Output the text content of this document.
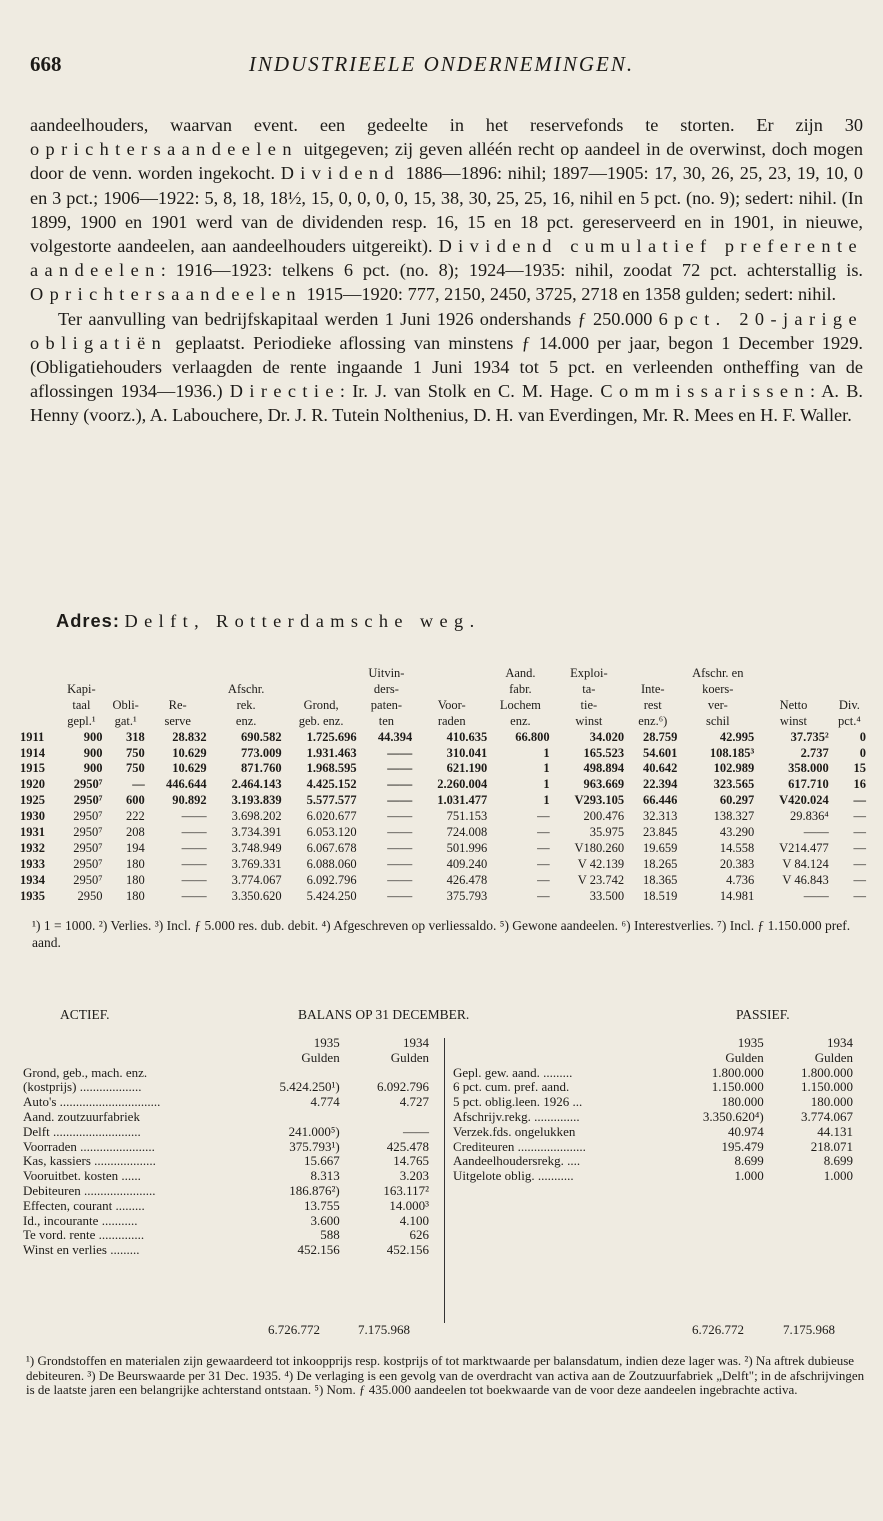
668	INDUSTRIEELE ONDERNEMINGEN.

aandeelhouders, waarvan event. een gedeelte in het reservefonds te storten. Er zijn 30 oprichtersaandeelen uitgegeven; zij geven alléén recht op aandeel in de overwinst, doch mogen door de venn. worden ingekocht. Dividend 1886—1896: nihil; 1897—1905: 17, 30, 26, 25, 23, 19, 10, 0 en 3 pct.; 1906—1922: 5, 8, 18, 18½, 15, 0, 0, 0, 0, 15, 38, 30, 25, 25, 16, nihil en 5 pct. (no. 9); sedert: nihil. (In 1899, 1900 en 1901 werd van de dividenden resp. 16, 15 en 18 pct. gereserveerd en in 1901, in nieuwe, volgestorte aandeelen, aan aandeelhouders uitgereikt). Dividend cumulatief preferente aandeelen: 1916—1923: telkens 6 pct. (no. 8); 1924—1935: nihil, zoodat 72 pct. achterstallig is. Oprichtersaandeelen 1915—1920: 777, 2150, 2450, 3725, 2718 en 1358 gulden; sedert: nihil.

Ter aanvulling van bedrijfskapitaal werden 1 Juni 1926 ondershands ƒ 250.000 6 pct. 20-jarige obligatiën geplaatst. Periodieke aflossing van minstens ƒ 14.000 per jaar, begon 1 December 1929. (Obligatiehouders verlaagden de rente ingaande 1 Juni 1934 tot 5 pct. en verleenden ontheffing van de aflossingen 1934—1936.) Directie: Ir. J. van Stolk en C. M. Hage. Commissarissen: A. B. Henny (voorz.), A. Labouchere, Dr. J. R. Tutein Nolthenius, D. H. van Everdingen, Mr. R. Mees en H. F. Waller.

Adres: Delft, Rotterdamsche weg.
						Uitvin-		Aand.	Exploi-		Afschr. en		
	Kapi-			Afschr.		ders-		fabr.	ta-	Inte-	koers-		
	taal	Obli-	Re-	rek.	Grond,	paten-	Voor-	Lochem	tie-	rest	ver-	Netto	Div.
	gepl.¹	gat.¹	serve	enz.	geb. enz.	ten	raden	enz.	winst	enz.⁶)	schil	winst	pct.⁴
1911	900	318	28.832	690.582	1.725.696	44.394	410.635	66.800	34.020	28.759	42.995	37.735²	0
1914	900	750	10.629	773.009	1.931.463	——	310.041	1	165.523	54.601	108.185³	2.737	0
1915	900	750	10.629	871.760	1.968.595	——	621.190	1	498.894	40.642	102.989	358.000	15
1920	2950⁷	—	446.644	2.464.143	4.425.152	——	2.260.004	1	963.669	22.394	323.565	617.710	16
1925	2950⁷	600	90.892	3.193.839	5.577.577	——	1.031.477	1	V293.105	66.446	60.297	V420.024	—
1930	2950⁷	222	——	3.698.202	6.020.677	——	751.153	—	200.476	32.313	138.327	29.836⁴	—
1931	2950⁷	208	——	3.734.391	6.053.120	——	724.008	—	35.975	23.845	43.290	——	—
1932	2950⁷	194	——	3.748.949	6.067.678	——	501.996	—	V180.260	19.659	14.558	V214.477	—
1933	2950⁷	180	——	3.769.331	6.088.060	——	409.240	—	V 42.139	18.265	20.383	V 84.124	—
1934	2950⁷	180	——	3.774.067	6.092.796	——	426.478	—	V 23.742	18.365	4.736	V 46.843	—
1935	2950	180	——	3.350.620	5.424.250	——	375.793	—	33.500	18.519	14.981	——	—
¹) 1 = 1000. ²) Verlies. ³) Incl. ƒ 5.000 res. dub. debit. ⁴) Afgeschreven op verliessaldo. ⁵) Gewone aandeelen. ⁶) Interestverlies. ⁷) Incl. ƒ 1.150.000 pref. aand.
ACTIEF.	BALANS OP 31 DECEMBER.	PASSIEF.
	1935	1934
	Gulden	Gulden
Grond, geb., mach. enz.		
(kostprijs) ...................	5.424.250¹)	6.092.796
Auto's ...............................	4.774	4.727
Aand. zoutzuurfabriek		
Delft ...........................	241.000⁵)	——
Voorraden .......................	375.793¹)	425.478
Kas, kassiers ...................	15.667	14.765
Vooruitbet. kosten ......	8.313	3.203
Debiteuren ......................	186.876²)	163.117²
Effecten, courant .........	13.755	14.000³
Id., incourante ...........	3.600	4.100
Te vord. rente ..............	588	626
Winst en verlies .........	452.156	452.156
	1935	1934
	Gulden	Gulden
Gepl. gew. aand. .........	1.800.000	1.800.000
6 pct. cum. pref. aand.	1.150.000	1.150.000
5 pct. oblig.leen. 1926 ...	180.000	180.000
Afschrijv.rekg. ..............	3.350.620⁴)	3.774.067
Verzek.fds. ongelukken	40.974	44.131
Crediteuren .....................	195.479	218.071
Aandeelhoudersrekg. ....	8.699	8.699
Uitgelote oblig. ...........	1.000	1.000
6.726.772	7.175.968	6.726.772	7.175.968
¹) Grondstoffen en materialen zijn gewaardeerd tot inkoopprijs resp. kostprijs of tot marktwaarde per balansdatum, indien deze lager was. ²) Na aftrek dubieuse debiteuren. ³) De Beurswaarde per 31 Dec. 1935. ⁴) De verlaging is een gevolg van de overdracht van activa aan de Zoutzuurfabriek „Delft"; in de afschrijvingen is de laatste jaren een belangrijke achterstand ontstaan. ⁵) Nom. ƒ 435.000 aandeelen tot boekwaarde van de voor deze aandeelen ingebrachte activa.
